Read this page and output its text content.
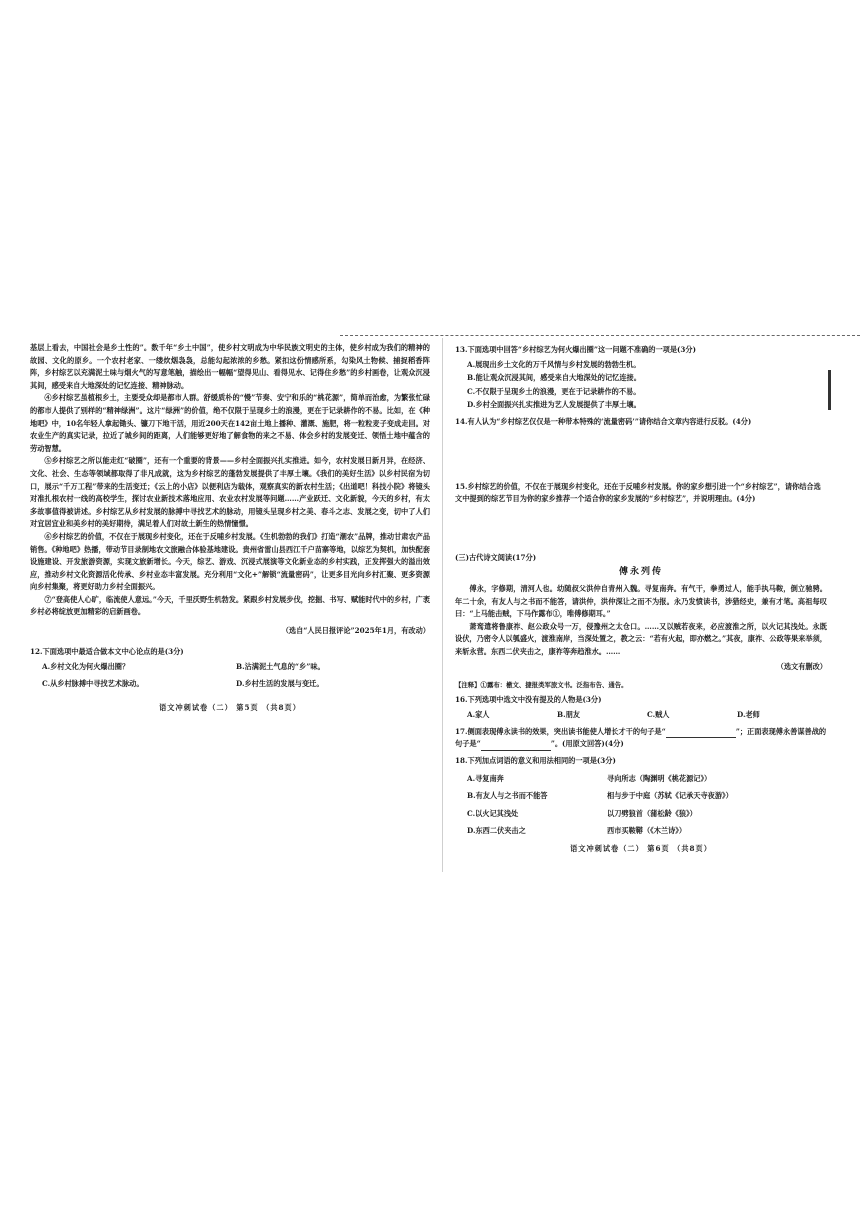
基层上看去，中国社会是乡土性的”。数千年“乡土中国”，使乡村文明成为中华民族文明史的主体，使乡村成为我们的精神的故园、文化的原乡。一个农村老家、一缕炊烟袅袅，总能勾起浓浓的乡愁。紧扣这份情感所系，勾染风土物候、捕捉稻香阵阵，乡村综艺以充满泥土味与烟火气的写意笔触，描绘出一幅幅“望得见山、看得见水、记得住乡愁”的乡村画卷，让观众沉浸其间，感受来自大地深处的记忆连接、精神脉动。

④乡村综艺虽植根乡土，主要受众却是都市人群。舒缓质朴的“慢”节奏、安宁和乐的“桃花源”，简单而治愈，为繁张忙碌的都市人提供了别样的“精神绿洲”。这片“绿洲”的价值，绝不仅限于呈现乡土的浪漫，更在于记录耕作的不易。比如，在《种地吧》中，10名年轻人拿起锄头、镰刀下地干活，用近200天在142亩土地上播种、灌溉、施肥，将一粒粒麦子变成走回。对农业生产的真实记录，拉近了城乡间的距离，人们能够更好地了解食物的来之不易、体会乡村的发展变迁、领悟土地中蕴含的劳动智慧。

⑤乡村综艺之所以能走红“破圈”，还有一个重要的背景——乡村全面振兴扎实推进。如今，农村发展日新月异，在经济、文化、社会、生态等领域都取得了非凡成就，这为乡村综艺的蓬勃发展提供了丰厚土壤。《我们的美好生活》以乡村民宿为切口，展示“千万工程”带来的生活变迁；《云上的小店》以便利店为载体，观察真实的新农村生活；《出道吧！科技小院》将镜头对准扎根农村一线的高校学生，探讨农业新技术落地应用、农业农村发展等问题……产业跃迁、文化新貌，今天的乡村，有太多故事值得被讲述。乡村综艺从乡村发展的脉搏中寻找艺术的脉动，用镜头呈现乡村之美、春斗之志、发展之变，切中了人们对宜居宜业和美乡村的美好期待，满足着人们对故土新生的热情憧憬。

⑥乡村综艺的价值，不仅在于展现乡村变化，还在于反哺乡村发展。《生机勃勃的我们》打造“潮农”品牌，推动甘肃农产品销售。《种地吧》热播，带动节目录制地农文旅融合体验基地建设。贵州省雷山县西江千户苗寨等地，以综艺为契机，加快配套设施建设、开发旅游资源，实现文旅新增长。今天，综艺、游戏、沉浸式展演等文化新业态的乡村实践，正发挥强大的溢出效应，推动乡村文化资源活化传承、乡村业态丰富发展。充分利用“文化+”解锁“流量密码”，让更多目光向乡村汇聚、更多资源向乡村集聚，将更好助力乡村全面振兴。

⑦“登高使人心旷，临流使人意远。”今天，千里沃野生机勃发。紧跟乡村发展步伐，挖掘、书写、赋能时代中的乡村，广袤乡村必将绽放更加精彩的启新画卷。

（选自“人民日报评论”2025年1月，有改动）
12.下面选项中最适合做本文中心论点的是(3分)
A.乡村文化为何火爆出圈？	B.沾满泥土气息的“乡”味。
C.从乡村脉搏中寻找艺术脉动。	D.乡村生活的发展与变迁。
语文冲刺试卷（二） 第5页 （共8页）
13.下面选项中回答“乡村综艺为何火爆出圈”这一问题不准确的一项是(3分)
A.展现出乡土文化的万千风情与乡村发展的勃勃生机。
B.能让观众沉浸其间，感受来自大地深处的记忆连接。
C.不仅限于呈现乡土的浪漫，更在于记录耕作的不易。
D.乡村全面振兴扎实推进为艺人发展提供了丰厚土壤。
14.有人认为“乡村综艺仅仅是一种带本特殊的‘流量密码’”请你结合文章内容进行反驳。(4分)
15.乡村综艺的价值，不仅在于展现乡村变化，还在于反哺乡村发展。你的家乡想引进一个“乡村综艺”，请你结合选文中提到的综艺节目为你的家乡推荐一个适合你的家乡发展的“乡村综艺”，并说明理由。(4分)
(三)古代诗文阅读(17分)
傅永列传

傅永，字修期，清河人也。幼随叔父洪仲自青州入魏。寻复南奔。有气干，拳勇过人，能手执马鞍，倒立驰骋。年二十余，有友人与之书而不能答，请洪仲，洪仲深让之而不为报。永乃发愤读书，涉猎经史，兼有才笔。高祖每叹曰：“上马能击贼，下马作露布①，唯傅修期耳。”

萧鸾遣将鲁康祚、赵公政众号一万，侵豫州之太仓口。……又以贼若夜来，必应渡淮之所，以火记其浅处。永既设伏，乃密令人以瓠盛火，渡淮南岸，当深处置之，教之云：“若有火起，即亦燃之。”其夜，康祚、公政等果来举须，来斩永营。东西二伏夹击之，康祚等奔趋淮水。……

（选文有删改）
【注释】①露布：檄文、捷报类军旅文书。泛指布告、通告。
16.下列选项中选文中没有提及的人物是(3分)
A.家人	B.朋友	C.贼人	D.老师
17.侧面表现傅永读书的效果，突出读书能使人增长才干的句子是“	”；正面表现傅永善谋善战的句子是“	”。(用原文回答)(4分)
18.下列加点词语的意义和用法相同的一项是(3分)
A.寻复南奔	寻向所志（陶渊明《桃花源记》）
B.有友人与之书而不能答	相与步于中庭（苏轼《记承天寺夜游》）
C.以火记其浅处	以刀劈狼首（蒲松龄《狼》）
D.东西二伏夹击之	西市买鞍鞯（《木兰诗》）
语文冲刺试卷（二） 第6页 （共8页）
